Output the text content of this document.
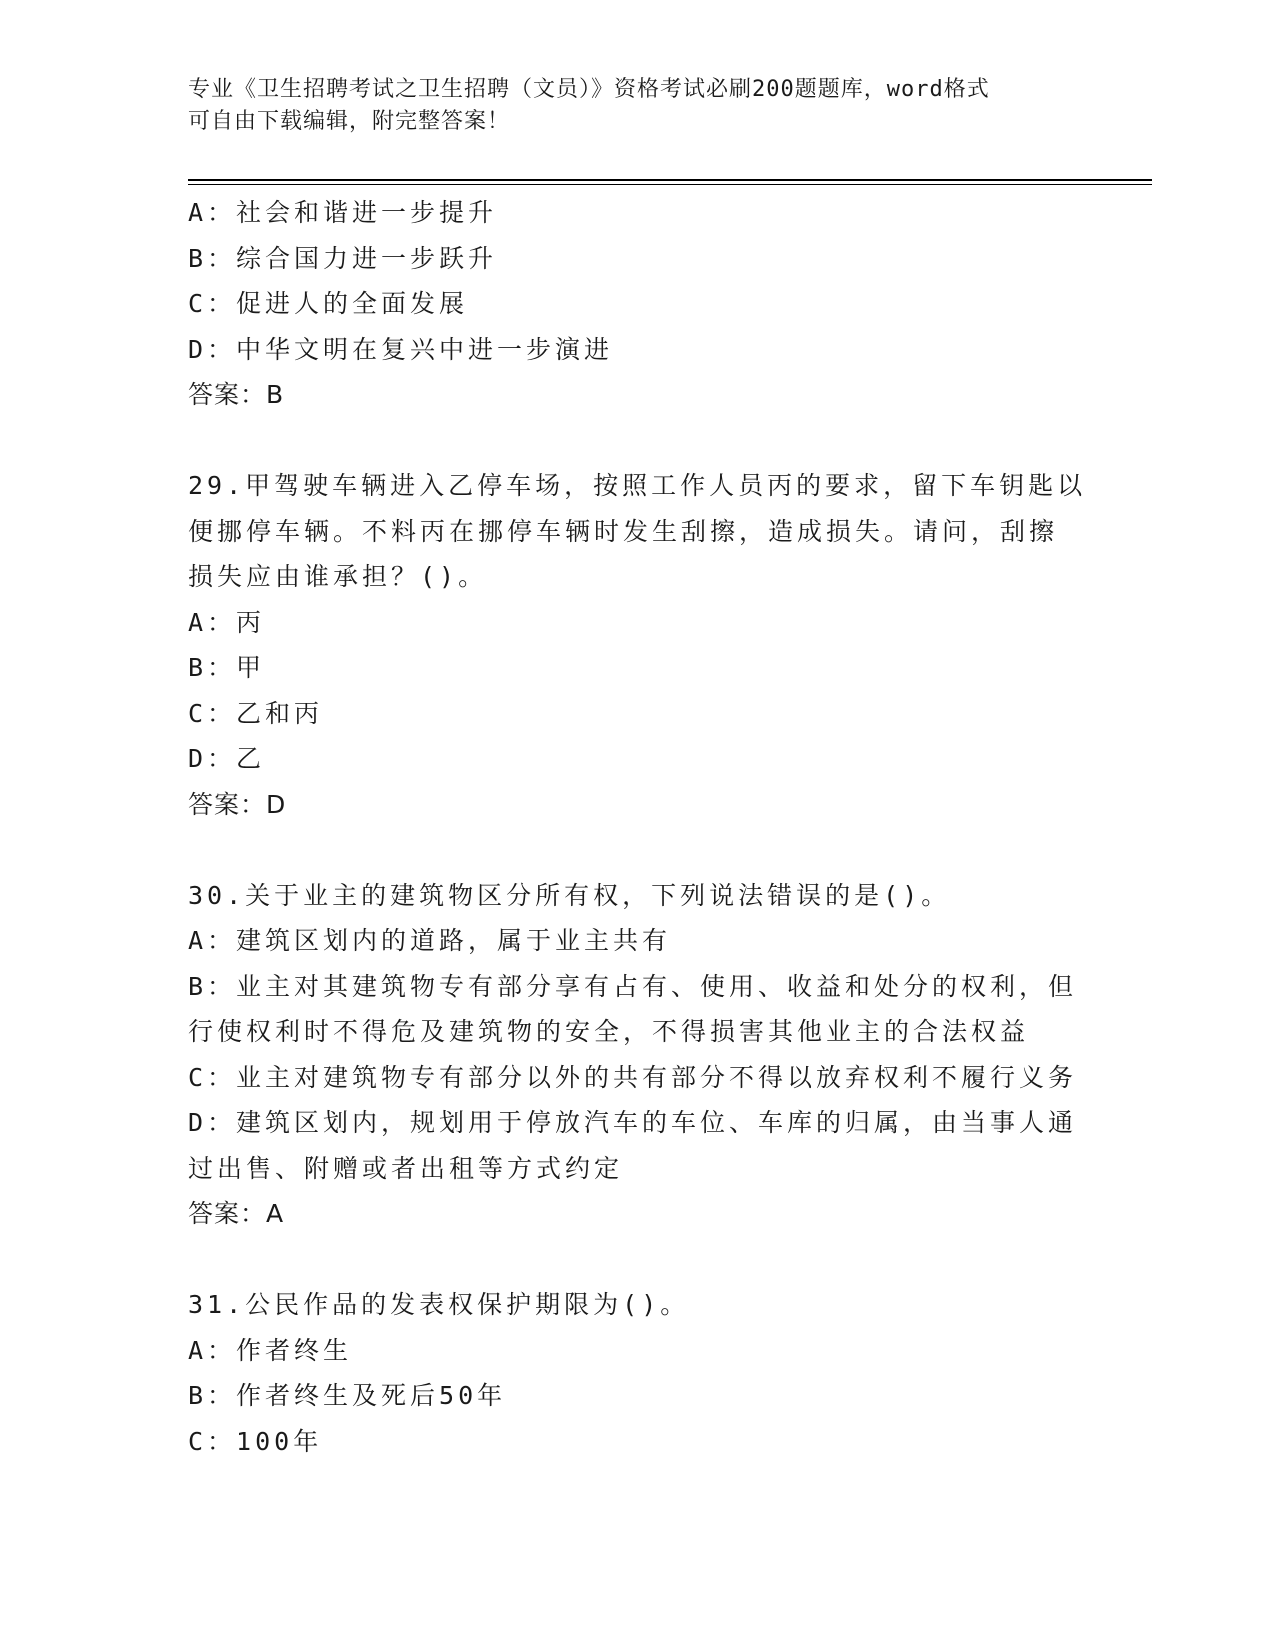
专业《卫生招聘考试之卫生招聘（文员）》资格考试必刷200题题库，word格式
可自由下载编辑，附完整答案！
A：社会和谐进一步提升
B：综合国力进一步跃升
C：促进人的全面发展
D：中华文明在复兴中进一步演进
答案：B
29.甲驾驶车辆进入乙停车场，按照工作人员丙的要求，留下车钥匙以
便挪停车辆。不料丙在挪停车辆时发生刮擦，造成损失。请问，刮擦
损失应由谁承担？()。
A：丙
B：甲
C：乙和丙
D：乙
答案：D
30.关于业主的建筑物区分所有权，下列说法错误的是()。
A：建筑区划内的道路，属于业主共有
B：业主对其建筑物专有部分享有占有、使用、收益和处分的权利，但
行使权利时不得危及建筑物的安全，不得损害其他业主的合法权益
C：业主对建筑物专有部分以外的共有部分不得以放弃权利不履行义务
D：建筑区划内，规划用于停放汽车的车位、车库的归属，由当事人通
过出售、附赠或者出租等方式约定
答案：A
31.公民作品的发表权保护期限为()。
A：作者终生
B：作者终生及死后50年
C：100年
